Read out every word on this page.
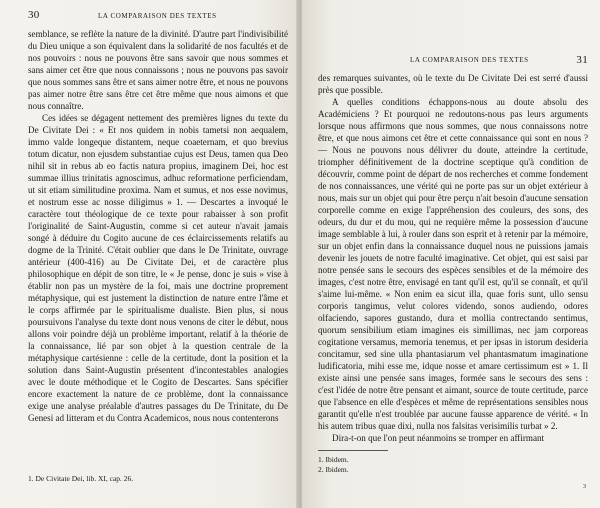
30	LA COMPARAISON DES TEXTES

semblance, se reflète la nature de la divinité. D'autre part l'indivisibilité du Dieu unique a son équivalent dans la solidarité de nos facultés et de nos pouvoirs : nous ne pouvons être sans savoir que nous sommes et sans aimer cet être que nous connaissons ; nous ne pouvons pas savoir que nous sommes sans être et sans aimer notre être, et nous ne pouvons pas aimer notre être sans être cet être même que nous aimons et que nous connaître.

Ces idées se dégagent nettement des premières lignes du texte du De Civitate Dei : « Et nos quidem in nobis tametsi non aequalem, immo valde longeque distantem, neque coaeternam, et quo brevius totum dicatur, non ejusdem substantiae cujus est Deus, tamen qua Deo nihil sit in rebus ab eo factis natura propius, imaginem Dei, hoc est summae illius trinitatis agnoscimus, adhuc reformatione perficiendam, ut sit etiam similitudine proxima. Nam et sumus, et nos esse novimus, et nostrum esse ac nosse diligimus » 1. — Descartes a invoqué le caractère tout théologique de ce texte pour rabaisser à son profit l'originalité de Saint-Augustin, comme si cet auteur n'avait jamais songé à déduire du Cogito aucune de ces éclaircissements relatifs au dogme de la Trinité. C'était oublier que dans le De Trinitate, ouvrage antérieur (400-416) au De Civitate Dei, et de caractère plus philosophique en dépit de son titre, le « Je pense, donc je suis » vise à établir non pas un mystère de la foi, mais une doctrine proprement métaphysique, qui est justement la distinction de nature entre l'âme et le corps affirmée par le spiritualisme dualiste. Bien plus, si nous poursuivons l'analyse du texte dont nous venons de citer le début, nous allons voir poindre déjà un problème important, relatif à la théorie de la connaissance, lié par son objet à la question centrale de la métaphysique cartésienne : celle de la certitude, dont la position et la solution dans Saint-Augustin présentent d'incontestables analogies avec le doute méthodique et le Cogito de Descartes. Sans spécifier encore exactement la nature de ce problème, dont la connaissance exige une analyse préalable d'autres passages du De Trinitate, du De Genesi ad litteram et du Contra Academicos, nous nous contenterons

1. De Civitate Dei, lib. XI, cap. 26.
LA COMPARAISON DES TEXTES	31

des remarques suivantes, où le texte du De Civitate Dei est serré d'aussi près que possible.

A quelles conditions échappons-nous au doute absolu des Académiciens ? Et pourquoi ne redoutons-nous pas leurs arguments lorsque nous affirmons que nous sommes, que nous connaissons notre être, et que nous aimons cet être et cette connaissance qui sont en nous ? — Nous ne pouvons nous délivrer du doute, atteindre la certitude, triompher définitivement de la doctrine sceptique qu'à condition de découvrir, comme point de départ de nos recherches et comme fondement de nos connaissances, une vérité qui ne porte pas sur un objet extérieur à nous, mais sur un objet qui pour être perçu n'ait besoin d'aucune sensation corporelle comme en exige l'appréhension des couleurs, des sons, des odeurs, du dur et du mou, qui ne requière même la possession d'aucune image semblable à lui, à rouler dans son esprit et à retenir par la mémoire, sur un objet enfin dans la connaissance duquel nous ne puissions jamais devenir les jouets de notre faculté imaginative. Cet objet, qui est saisi par notre pensée sans le secours des espèces sensibles et de la mémoire des images, c'est notre être, envisagé en tant qu'il est, qu'il se connaît, et qu'il s'aime lui-même. « Non enim ea sicut illa, quae foris sunt, ullo sensu corporis tangimus, velut colores videndo, sonos audiendo, odores olfaciendo, sapores gustando, dura et mollia contrectando sentimus, quorum sensibilium etiam imagines eis simillimas, nec jam corporeas cogitatione versamus, memoria tenemus, et per ipsas in istorum desideria concitamur, sed sine ulla phantasiarum vel phantasmatum imaginatione ludificatoria, mihi esse me, idque nosse et amare certissimum est » 1. Il existe ainsi une pensée sans images, formée sans le secours des sens : c'est l'idée de notre être pensant et aimant, source de toute certitude, parce que l'absence en elle d'espèces et même de représentations sensibles nous garantit qu'elle n'est troublée par aucune fausse apparence de vérité. « In his autem tribus quae dixi, nulla nos falsitas verisimilis turbat » 2.

Dira-t-on que l'on peut néanmoins se tromper en affirmant

1. Ibidem.
2. Ibidem.
3
